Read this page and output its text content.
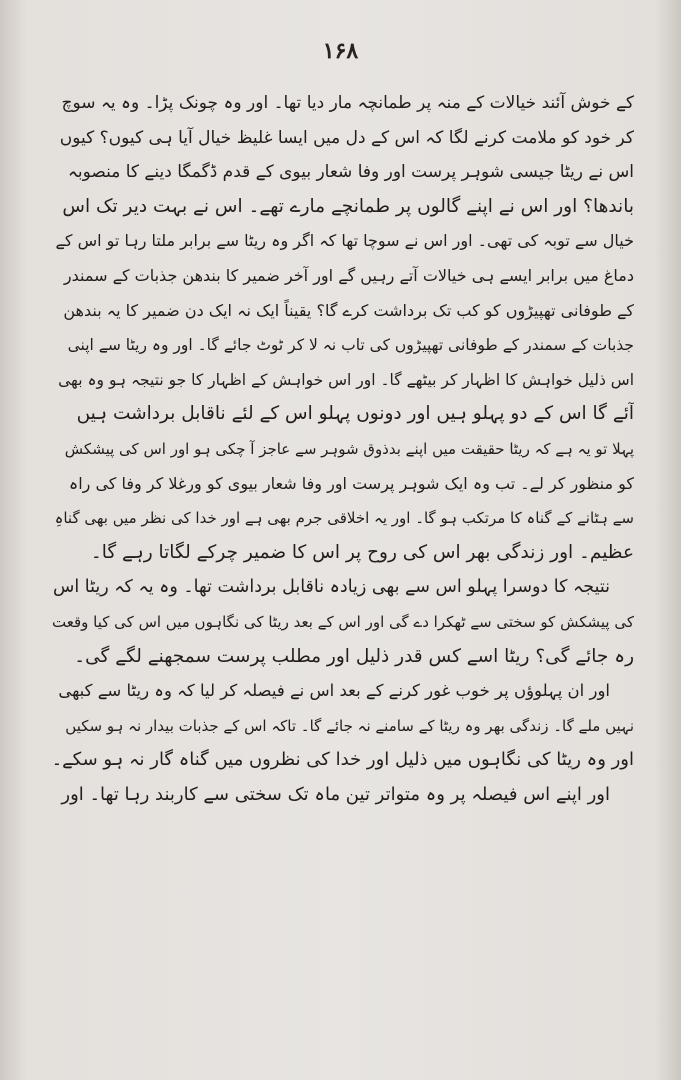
۱۶۸
کے خوش آئند خیالات کے منہ پر طمانچہ مار دیا تھا۔ اور وہ چونک پڑا۔ وہ یہ سوچ
کر خود کو ملامت کرنے لگا کہ اس کے دل میں ایسا غلیظ خیال آیا ہی کیوں؟ کیوں
اس نے ریٹا جیسی شوہر پرست اور وفا شعار بیوی کے قدم ڈگمگا دینے کا منصوبہ
باندھا؟ اور اس نے اپنے گالوں پر طمانچے مارے تھے۔ اس نے بہت دیر تک اس
خیال سے توبہ کی تھی۔ اور اس نے سوچا تھا کہ اگر وہ ریٹا سے برابر ملتا رہا تو اس کے
دماغ میں برابر ایسے ہی خیالات آتے رہیں گے اور آخر ضمیر کا بندھن جذبات کے سمندر
کے طوفانی تھپیڑوں کو کب تک برداشت کرے گا؟ یقیناً ایک نہ ایک دن ضمیر کا یہ بندھن
جذبات کے سمندر کے طوفانی تھپیڑوں کی تاب نہ لا کر ٹوٹ جائے گا۔ اور وہ ریٹا سے اپنی
اس ذلیل خواہش کا اظہار کر بیٹھے گا۔ اور اس خواہش کے اظہار کا جو نتیجہ ہو وہ بھی
آئے گا اس کے دو پہلو ہیں اور دونوں پہلو اس کے لئے ناقابل برداشت ہیں
پہلا تو یہ ہے کہ ریٹا حقیقت میں اپنے بدذوق شوہر سے عاجز آ چکی ہو اور اس کی پیشکش
کو منظور کر لے۔ تب وہ ایک شوہر پرست اور وفا شعار بیوی کو ورغلا کر وفا کی راہ
سے ہٹانے کے گناہ کا مرتکب ہو گا۔ اور یہ اخلاقی جرم بھی ہے اور خدا کی نظر میں بھی گناہِ
عظیم۔ اور زندگی بھر اس کی روح پر اس کا ضمیر چرکے لگاتا رہے گا۔
نتیجہ کا دوسرا پہلو اس سے بھی زیادہ ناقابل برداشت تھا۔ وہ یہ کہ ریٹا اس
کی پیشکش کو سختی سے ٹھکرا دے گی اور اس کے بعد ریٹا کی نگاہوں میں اس کی کیا وقعت
رہ جائے گی؟ ریٹا اسے کس قدر ذلیل اور مطلب پرست سمجھنے لگے گی۔
اور ان پہلوؤں پر خوب غور کرنے کے بعد اس نے فیصلہ کر لیا کہ وہ ریٹا سے کبھی
نہیں ملے گا۔ زندگی بھر وہ ریٹا کے سامنے نہ جائے گا۔ تاکہ اس کے جذبات بیدار نہ ہو سکیں
اور وہ ریٹا کی نگاہوں میں ذلیل اور خدا کی نظروں میں گناہ گار نہ ہو سکے۔
اور اپنے اس فیصلہ پر وہ متواتر تین ماہ تک سختی سے کاربند رہا تھا۔ اور
